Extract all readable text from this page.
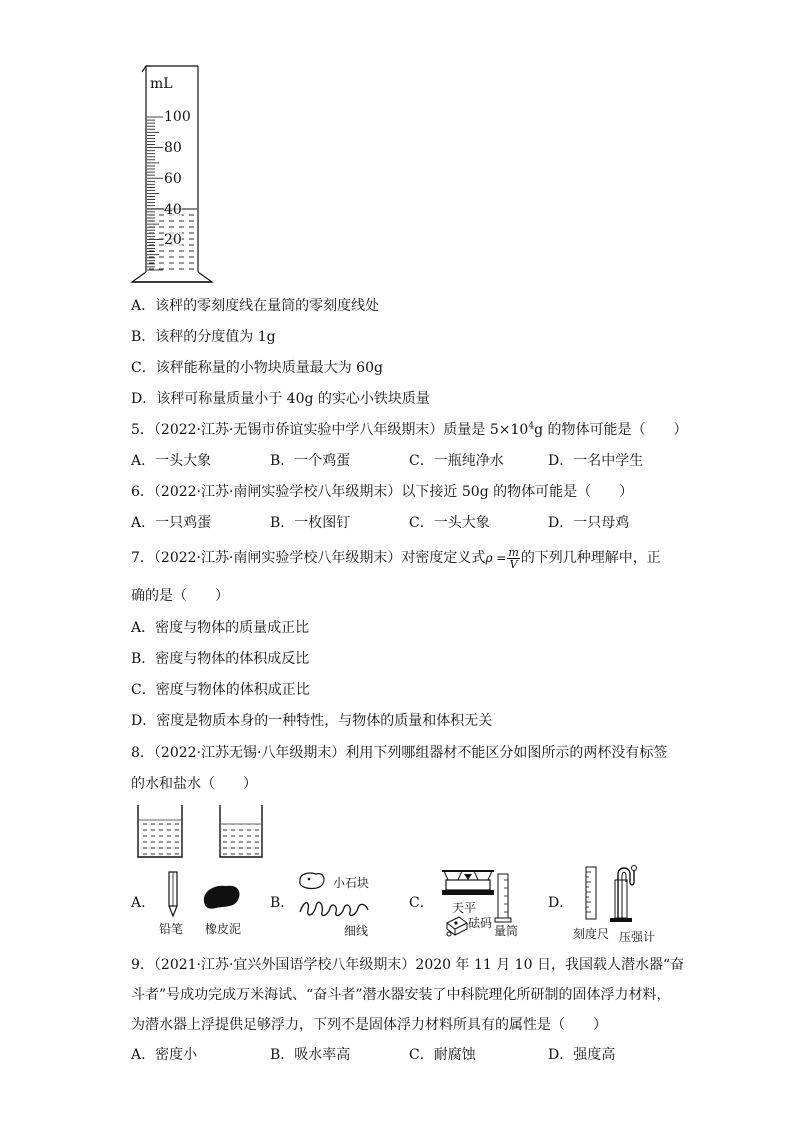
mL
100
80
60
40
20
A．该秤的零刻度线在量筒的零刻度线处
B．该秤的分度值为 1g
C．该秤能称量的小物块质量最大为 60g
D．该秤可称量质量小于 40g 的实心小铁块质量
5．（2022·江苏·无锡市侨谊实验中学八年级期末）质量是 $5\times 10^4g$ 的物体可能是（　　）
A．一头大象	B．一个鸡蛋	C．一瓶纯净水	D．一名中学生
6．（2022·江苏·南闸实验学校八年级期末）以下接近 50g 的物体可能是（　　）
A．一只鸡蛋	B．一枚图钉	C．一头大象	D．一只母鸡
7．（2022·江苏·南闸实验学校八年级期末）对密度定义式$\rho = \frac{m}{V}$ 的下列几种理解中，正
确的是（　　）
A．密度与物体的质量成正比
B．密度与物体的体积成反比
C．密度与物体的体积成正比
D．密度是物质本身的一种特性，与物体的质量和体积无关
8．（2022·江苏无锡·八年级期末）利用下列哪组器材不能区分如图所示的两杯没有标签
的水和盐水（　　）
A．	B．	C．	D．
铅笔 橡皮泥
小石块
细线
天平
砝码
量筒	刻度尺 压强计
9．（2021·江苏·宜兴外国语学校八年级期末）2020 年 11 月 10 日，我国载人潜水器“奋
斗者”号成功完成万米海试、“奋斗者”潜水器安装了中科院理化所研制的固体浮力材料，
为潜水器上浮提供足够浮力，下列不是固体浮力材料所具有的属性是（　　）
A．密度小	B．吸水率高	C．耐腐蚀	D．强度高
